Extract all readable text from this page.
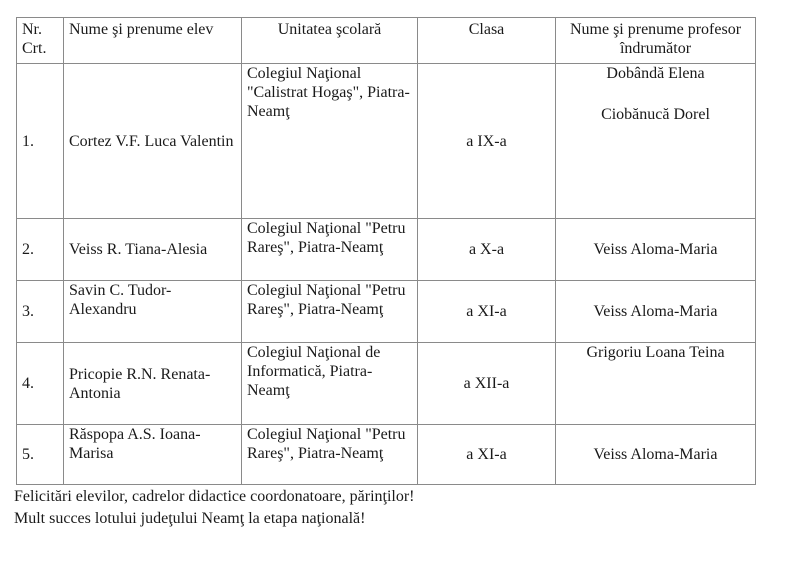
Nr. Crt.	Nume şi prenume elev	Unitatea şcolară	Clasa	Nume şi prenume profesor îndrumător
1.	Cortez V.F. Luca Valentin	Colegiul Naţional "Calistrat Hogaş", Piatra-Neamţ	a IX-a	Dobândă Elena
Ciobănucă Dorel

2.	Veiss R. Tiana-Alesia	Colegiul Naţional "Petru Rareş", Piatra-Neamţ	a X-a	Veiss Aloma-Maria
3.	Savin C. Tudor-Alexandru	Colegiul Naţional "Petru Rareş", Piatra-Neamţ	a XI-a	Veiss Aloma-Maria
4.	Pricopie R.N. Renata-Antonia	Colegiul Naţional de Informatică, Piatra-Neamţ	a XII-a	Grigoriu Loana Teina
5.	Răspopa A.S. Ioana-Marisa	Colegiul Naţional "Petru Rareş", Piatra-Neamţ	a XI-a	Veiss Aloma-Maria
Felicitări elevilor, cadrelor didactice coordonatoare, părinţilor!
Mult succes lotului judeţului Neamţ la etapa naţională!
